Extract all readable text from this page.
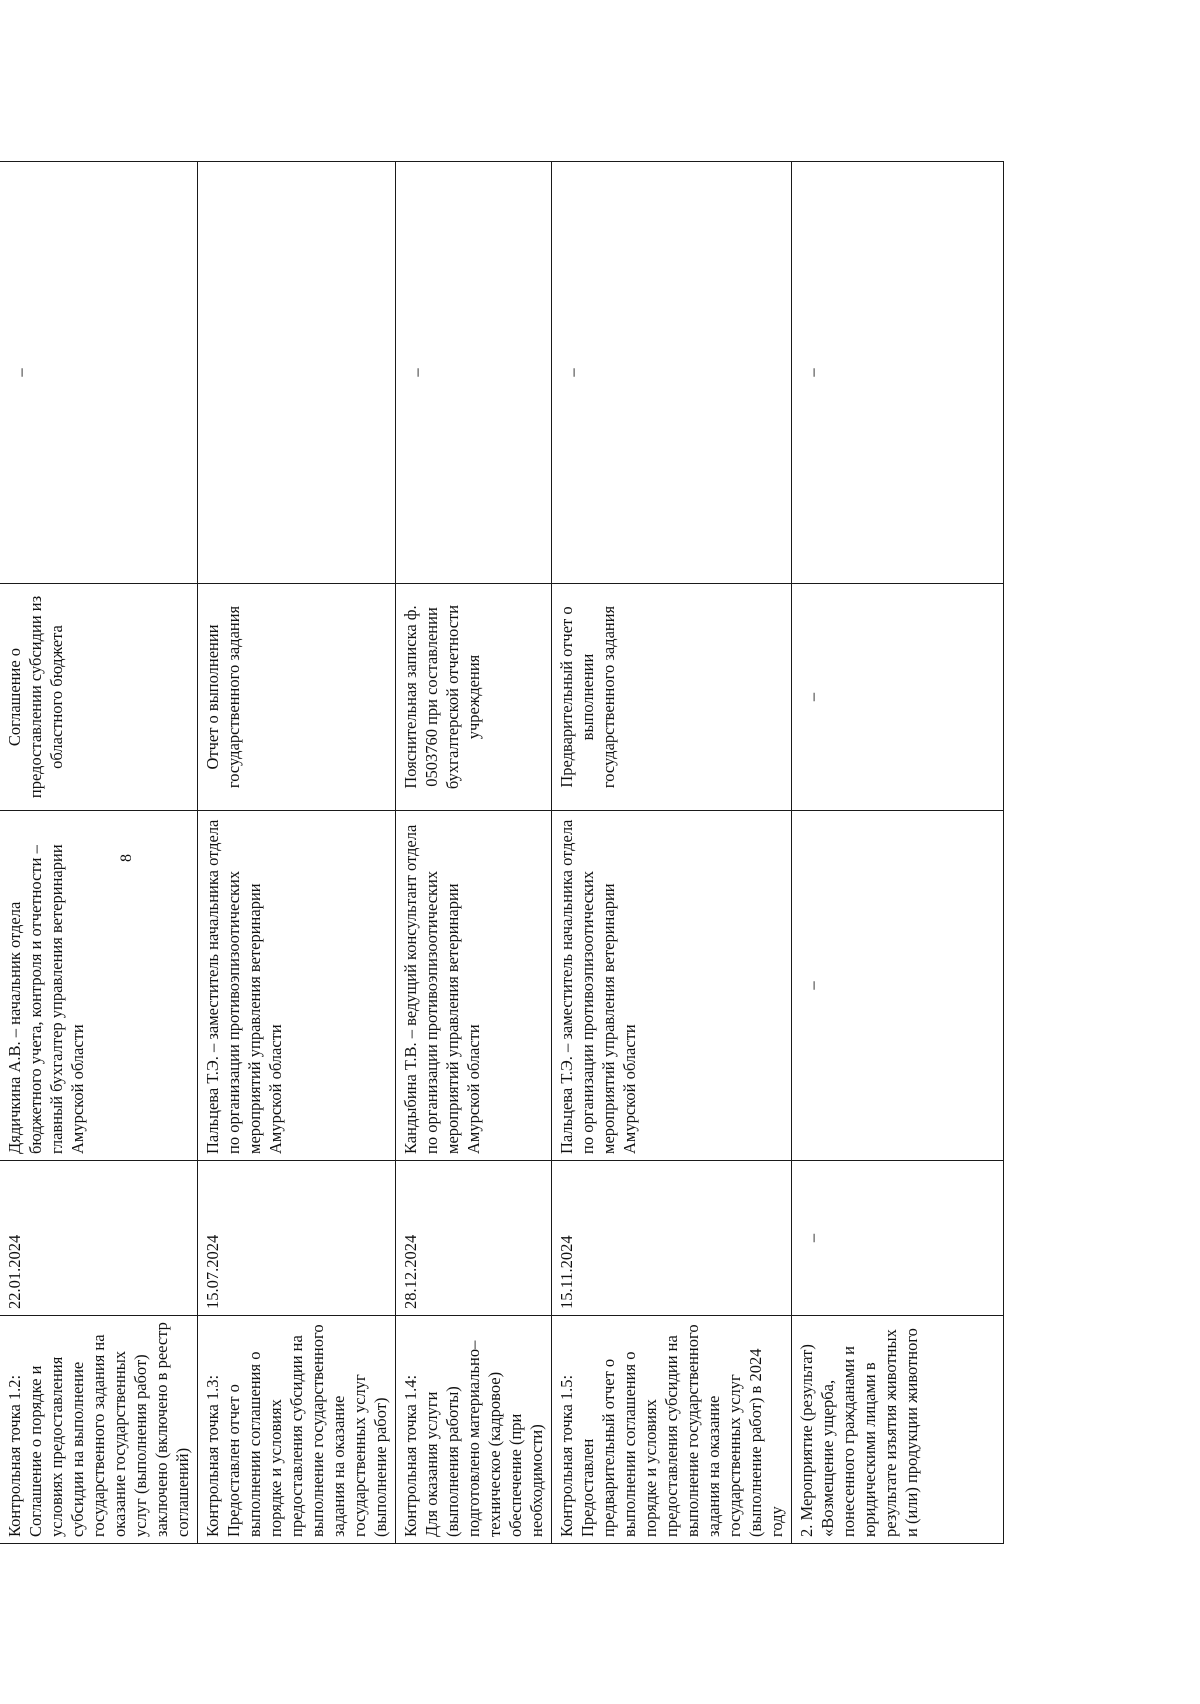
8
Контрольная точка 1.2: Соглашение о порядке и условиях предоставления субсидии на выполнение государственного задания на оказание государственных услуг (выполнения работ) заключено (включено в реестр соглашений)	22.01.2024	Дядичкина А.В. – начальник отдела бюджетного учета, контроля и отчетности – главный бухгалтер управления ветеринарии Амурской области	Соглашение о предоставлении субсидии из областного бюджета	–

Контрольная точка 1.3: Предоставлен отчет о выполнении соглашения о порядке и условиях предоставления субсидии на выполнение государственного задания на оказание государственных услуг (выполнение работ)	15.07.2024	Пальцева Т.Э. – заместитель начальника отдела по организации противоэпизоотических мероприятий управления ветеринарии Амурской области	Отчет о выполнении государственного задания	

Контрольная точка 1.4: Для оказания услуги (выполнения работы) подготовлено материально–техническое (кадровое) обеспечение (при необходимости)	28.12.2024	Кандыбина Т.В. – ведущий консультант отдела по организации противоэпизоотических мероприятий управления ветеринарии Амурской области	Пояснительная записка ф. 0503760 при составлении бухгалтерской отчетности учреждения	–

Контрольная точка 1.5: Предоставлен предварительный отчет о выполнении соглашения о порядке и условиях предоставления субсидии на выполнение государственного задания на оказание государственных услуг (выполнение работ) в 2024 году	15.11.2024	Пальцева Т.Э. – заместитель начальника отдела по организации противоэпизоотических мероприятий управления ветеринарии Амурской области	Предварительный отчет о выполнении государственного задания	–

2. Мероприятие (результат) «Возмещение ущерба, понесенного гражданами и юридическими лицами в результате изъятия животных и (или) продукции животного	–	–	–	–
